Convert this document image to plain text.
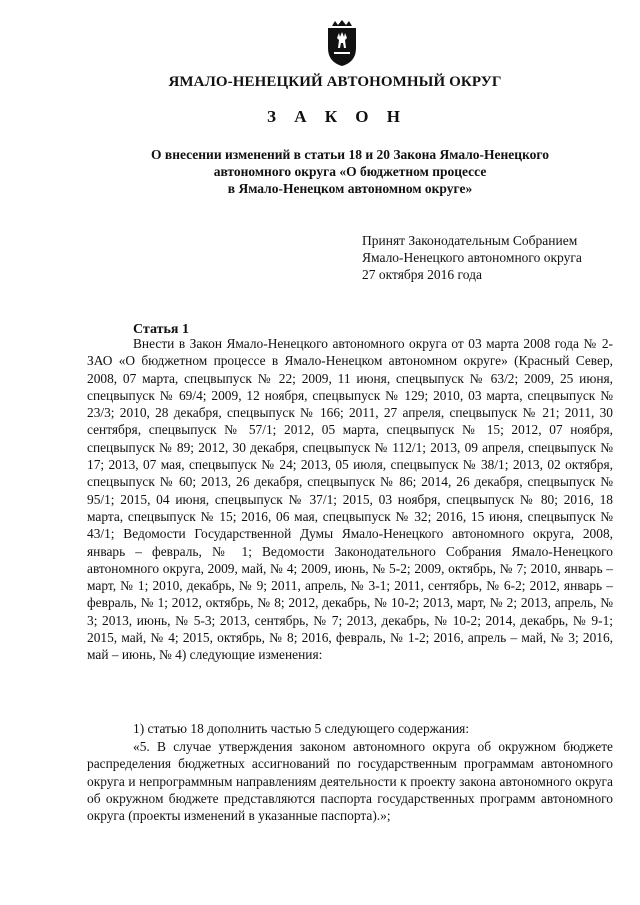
ЯМАЛО-НЕНЕЦКИЙ АВТОНОМНЫЙ ОКРУГ
З А К О Н
О внесении изменений в статьи 18 и 20 Закона Ямало-Ненецкого
автономного округа «О бюджетном процессе
в Ямало-Ненецком автономном округе»
Принят Законодательным Собранием
Ямало-Ненецкого автономного округа
27 октября 2016 года
Статья 1

Внести в Закон Ямало-Ненецкого автономного округа от 03 марта 2008 года № 2-ЗАО «О бюджетном процессе в Ямало-Ненецком автономном округе» (Красный Север, 2008, 07 марта, спецвыпуск № 22; 2009, 11 июня, спецвыпуск № 63/2; 2009, 25 июня, спецвыпуск № 69/4; 2009, 12 ноября, спецвыпуск № 129; 2010, 03 марта, спецвыпуск № 23/3; 2010, 28 декабря, спецвыпуск № 166; 2011, 27 апреля, спецвыпуск № 21; 2011, 30 сентября, спецвыпуск № 57/1; 2012, 05 марта, спецвыпуск № 15; 2012, 07 ноября, спецвыпуск № 89; 2012, 30 декабря, спецвыпуск № 112/1; 2013, 09 апреля, спецвыпуск № 17; 2013, 07 мая, спецвыпуск № 24; 2013, 05 июля, спецвыпуск № 38/1; 2013, 02 октября, спецвыпуск № 60; 2013, 26 декабря, спецвыпуск № 86; 2014, 26 декабря, спецвыпуск № 95/1; 2015, 04 июня, спецвыпуск № 37/1; 2015, 03 ноября, спецвыпуск № 80; 2016, 18 марта, спецвыпуск № 15; 2016, 06 мая, спецвыпуск № 32; 2016, 15 июня, спецвыпуск № 43/1; Ведомости Государственной Думы Ямало-Ненецкого автономного округа, 2008, январь – февраль, № 1; Ведомости Законодательного Собрания Ямало-Ненецкого автономного округа, 2009, май, № 4; 2009, июнь, № 5-2; 2009, октябрь, № 7; 2010, январь – март, № 1; 2010, декабрь, № 9; 2011, апрель, № 3-1; 2011, сентябрь, № 6-2; 2012, январь – февраль, № 1; 2012, октябрь, № 8; 2012, декабрь, № 10-2; 2013, март, № 2; 2013, апрель, № 3; 2013, июнь, № 5-3; 2013, сентябрь, № 7; 2013, декабрь, № 10-2; 2014, декабрь, № 9-1; 2015, май, № 4; 2015, октябрь, № 8; 2016, февраль, № 1-2; 2016, апрель – май, № 3; 2016, май – июнь, № 4) следующие изменения:

1) статью 18 дополнить частью 5 следующего содержания:

«5. В случае утверждения законом автономного округа об окружном бюджете распределения бюджетных ассигнований по государственным программам автономного округа и непрограммным направлениям деятельности к проекту закона автономного округа об окружном бюджете представляются паспорта государственных программ автономного округа (проекты изменений в указанные паспорта).»;
